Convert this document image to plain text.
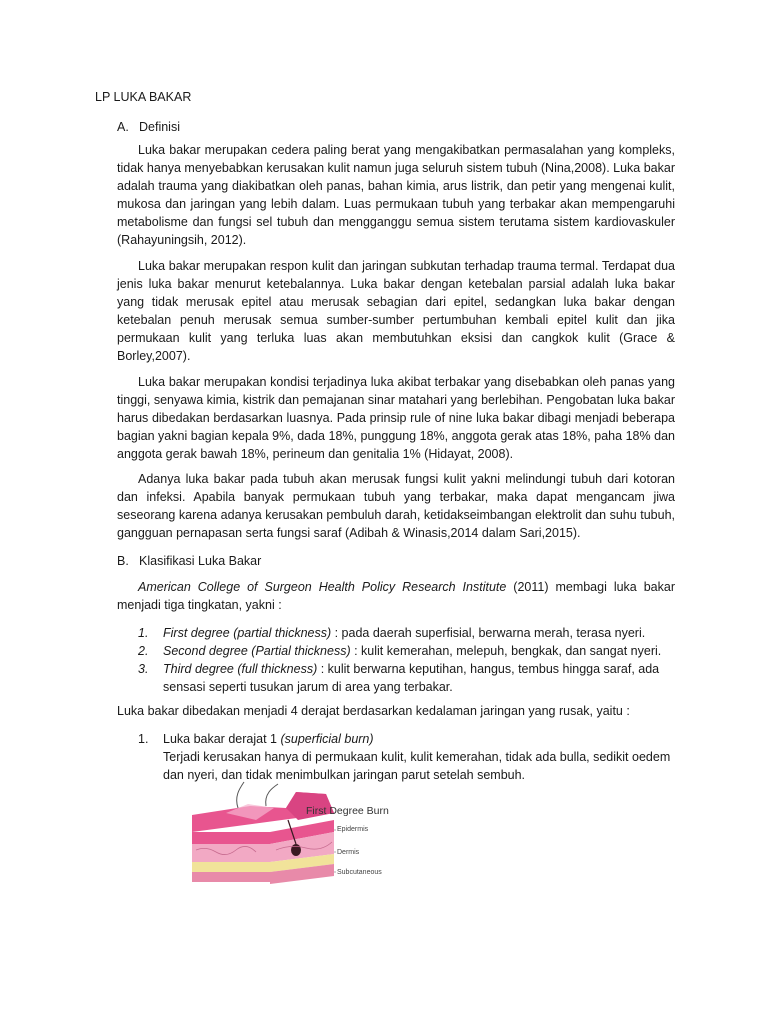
LP LUKA BAKAR

A. Definisi

Luka bakar merupakan cedera paling berat yang mengakibatkan permasalahan yang kompleks, tidak hanya menyebabkan kerusakan kulit namun juga seluruh sistem tubuh (Nina,2008). Luka bakar adalah trauma yang diakibatkan oleh panas, bahan kimia, arus listrik, dan petir yang mengenai kulit, mukosa dan jaringan yang lebih dalam. Luas permukaan tubuh yang terbakar akan mempengaruhi metabolisme dan fungsi sel tubuh dan mengganggu semua sistem terutama sistem kardiovaskuler (Rahayuningsih, 2012).

Luka bakar merupakan respon kulit dan jaringan subkutan terhadap trauma termal. Terdapat dua jenis luka bakar menurut ketebalannya. Luka bakar dengan ketebalan parsial adalah luka bakar yang tidak merusak epitel atau merusak sebagian dari epitel, sedangkan luka bakar dengan ketebalan penuh merusak semua sumber-sumber pertumbuhan kembali epitel kulit dan jika permukaan kulit yang terluka luas akan membutuhkan eksisi dan cangkok kulit (Grace & Borley,2007).

Luka bakar merupakan kondisi terjadinya luka akibat terbakar yang disebabkan oleh panas yang tinggi, senyawa kimia, kistrik dan pemajanan sinar matahari yang berlebihan. Pengobatan luka bakar harus dibedakan berdasarkan luasnya. Pada prinsip rule of nine luka bakar dibagi menjadi beberapa bagian yakni bagian kepala 9%, dada 18%, punggung 18%, anggota gerak atas 18%, paha 18% dan anggota gerak bawah 18%, perineum dan genitalia 1% (Hidayat, 2008).

Adanya luka bakar pada tubuh akan merusak fungsi kulit yakni melindungi tubuh dari kotoran dan infeksi. Apabila banyak permukaan tubuh yang terbakar, maka dapat mengancam jiwa seseorang karena adanya kerusakan pembuluh darah, ketidakseimbangan elektrolit dan suhu tubuh, gangguan pernapasan serta fungsi saraf (Adibah & Winasis,2014 dalam Sari,2015).

B. Klasifikasi Luka Bakar

American College of Surgeon Health Policy Research Institute (2011) membagi luka bakar menjadi tiga tingkatan, yakni :

1. First degree (partial thickness) : pada daerah superfisial, berwarna merah, terasa nyeri.
2. Second degree (Partial thickness) : kulit kemerahan, melepuh, bengkak, dan sangat nyeri.
3. Third degree (full thickness) : kulit berwarna keputihan, hangus, tembus hingga saraf, ada sensasi seperti tusukan jarum di area yang terbakar.

Luka bakar dibedakan menjadi 4 derajat berdasarkan kedalaman jaringan yang rusak, yaitu :

1.	Luka bakar derajat 1 (superficial burn)
Terjadi kerusakan hanya di permukaan kulit, kulit kemerahan, tidak ada bulla, sedikit oedem dan nyeri, dan tidak menimbulkan jaringan parut setelah sembuh.

First Degree Burn

Epidermis
Dermis
Subcutaneous
